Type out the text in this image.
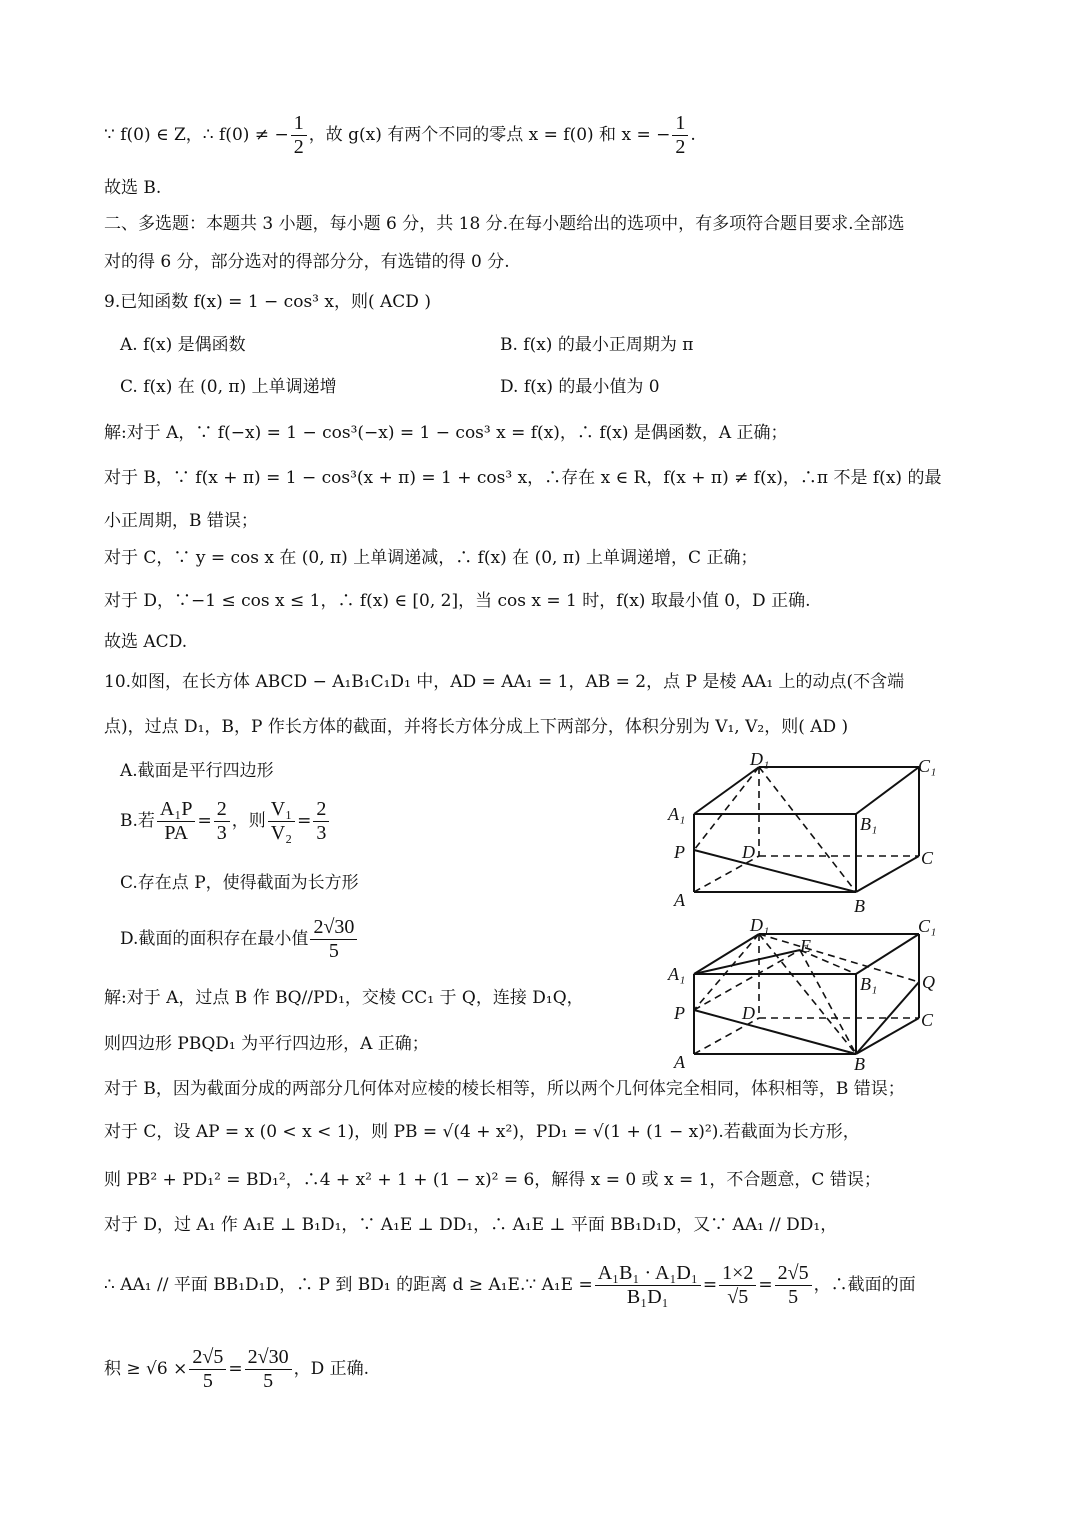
∵ f(0) ∈ Z，∴ f(0) ≠ − $\frac{1}{2}$ ，故 g(x) 有两个不同的零点 x = f(0) 和 x = − $\frac{1}{2}$ .
故选 B.
二、多选题：本题共 3 小题，每小题 6 分，共 18 分.在每小题给出的选项中，有多项符合题目要求.全部选
对的得 6 分，部分选对的得部分分，有选错的得 0 分.
9.已知函数 f(x) = 1 − cos³ x，则( ACD )
A. f(x) 是偶函数	B. f(x) 的最小正周期为 π
C. f(x) 在 (0, π) 上单调递增	D. f(x) 的最小值为 0
解:对于 A，∵ f(−x) = 1 − cos³(−x) = 1 − cos³ x = f(x)，∴ f(x) 是偶函数，A 正确；
对于 B，∵ f(x + π) = 1 − cos³(x + π) = 1 + cos³ x，∴存在 x ∈ R，f(x + π) ≠ f(x)，∴π 不是 f(x) 的最
小正周期，B 错误；
对于 C，∵ y = cos x 在 (0, π) 上单调递减，∴ f(x) 在 (0, π) 上单调递增，C 正确；
对于 D，∵−1 ≤ cos x ≤ 1，∴ f(x) ∈ [0, 2]，当 cos x = 1 时，f(x) 取最小值 0，D 正确.
故选 ACD.
10.如图，在长方体 ABCD − A₁B₁C₁D₁ 中，AD = AA₁ = 1，AB = 2，点 P 是棱 AA₁ 上的动点(不含端
点)，过点 D₁，B，P 作长方体的截面，并将长方体分成上下两部分，体积分别为 V₁, V₂，则( AD )
A.截面是平行四边形
B.若 $\frac{\text{A₁P}}{PA} = \frac{2}{3}$ ，则 $\frac{\text{V₁}}{\text{V₂}} = \frac{2}{3}$
C.存在点 P，使得截面为长方形
D.截面的面积存在最小值 $\frac{2√30}{5}$
解:对于 A，过点 B 作 BQ//PD₁，交棱 CC₁ 于 Q，连接 D₁Q，
则四边形 PBQD₁ 为平行四边形，A 正确；
对于 B，因为截面分成的两部分几何体对应棱的棱长相等，所以两个几何体完全相同，体积相等，B 错误；
对于 C，设 AP = x (0 < x < 1)，则 PB = √(4 + x²)，PD₁ = √(1 + (1 − x)²).若截面为长方形，
则 PB² + PD₁² = BD₁²，∴4 + x² + 1 + (1 − x)² = 6，解得 x = 0 或 x = 1，不合题意，C 错误；
对于 D，过 A₁ 作 A₁E ⊥ B₁D₁，∵ A₁E ⊥ DD₁，∴ A₁E ⊥ 平面 BB₁D₁D，又∵ AA₁ // DD₁，
∴ AA₁ // 平面 BB₁D₁D，∴ P 到 BD₁ 的距离 d ≥ A₁E.∵ $A_1E = \frac{\text{A₁B₁ · A₁D₁}}{\text{B₁D₁}} = \frac{1\times 2}{√5} = \frac{2√5}{5}$ ，∴截面的面
积 ≥ $√6 \times \frac{2√5}{5} = \frac{2√30}{5}$ ，D 正确.
D₁	C₁
A₁	B₁
P	D	C
A	B
D₁
E
C₁
A₁	B₁ Q
P	D	C
A	B
